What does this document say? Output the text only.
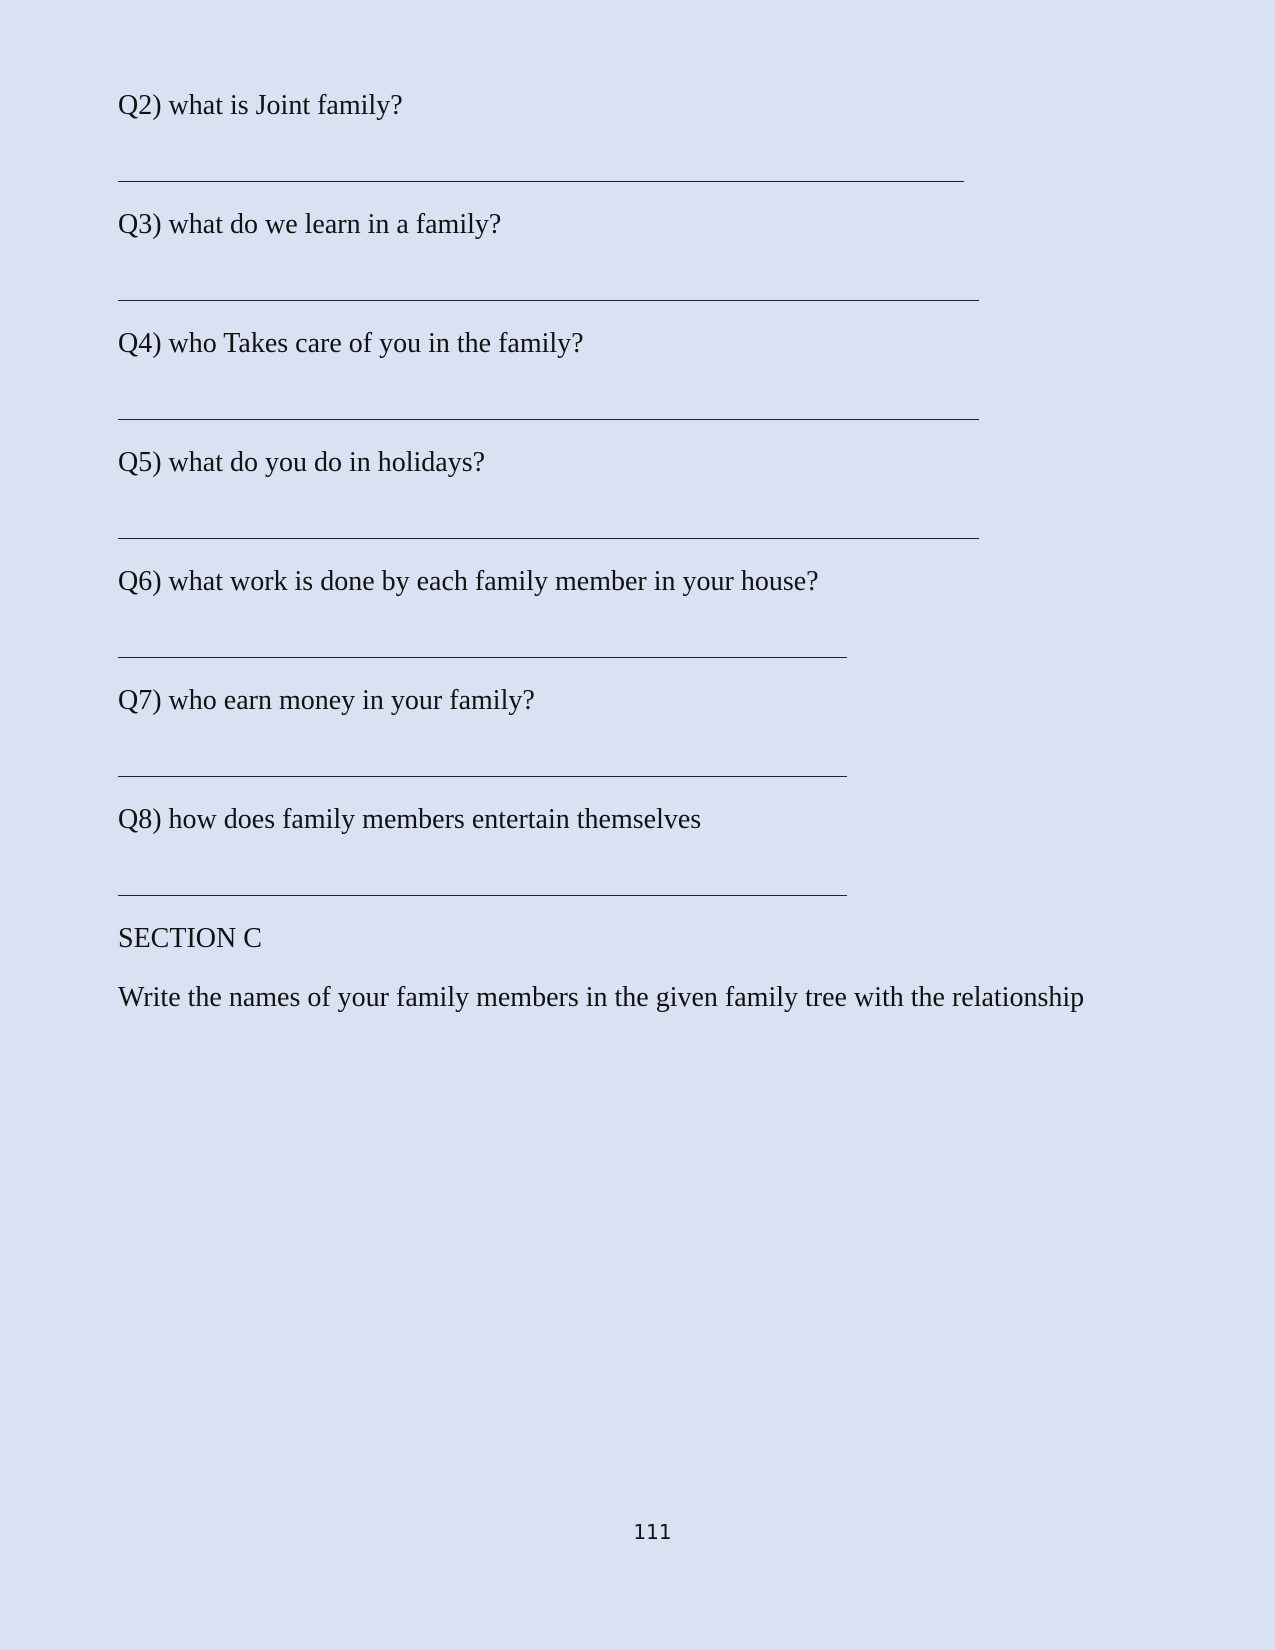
Q2) what is Joint family?

Q3) what do we learn in a family?

Q4) who Takes care of you in the family?

Q5) what do you do in holidays?

Q6) what work is done by each family member in your house?

Q7) who earn money in your family?

Q8) how does family members entertain themselves

SECTION C

Write the names of your family members in the given family tree with the relationship

111
